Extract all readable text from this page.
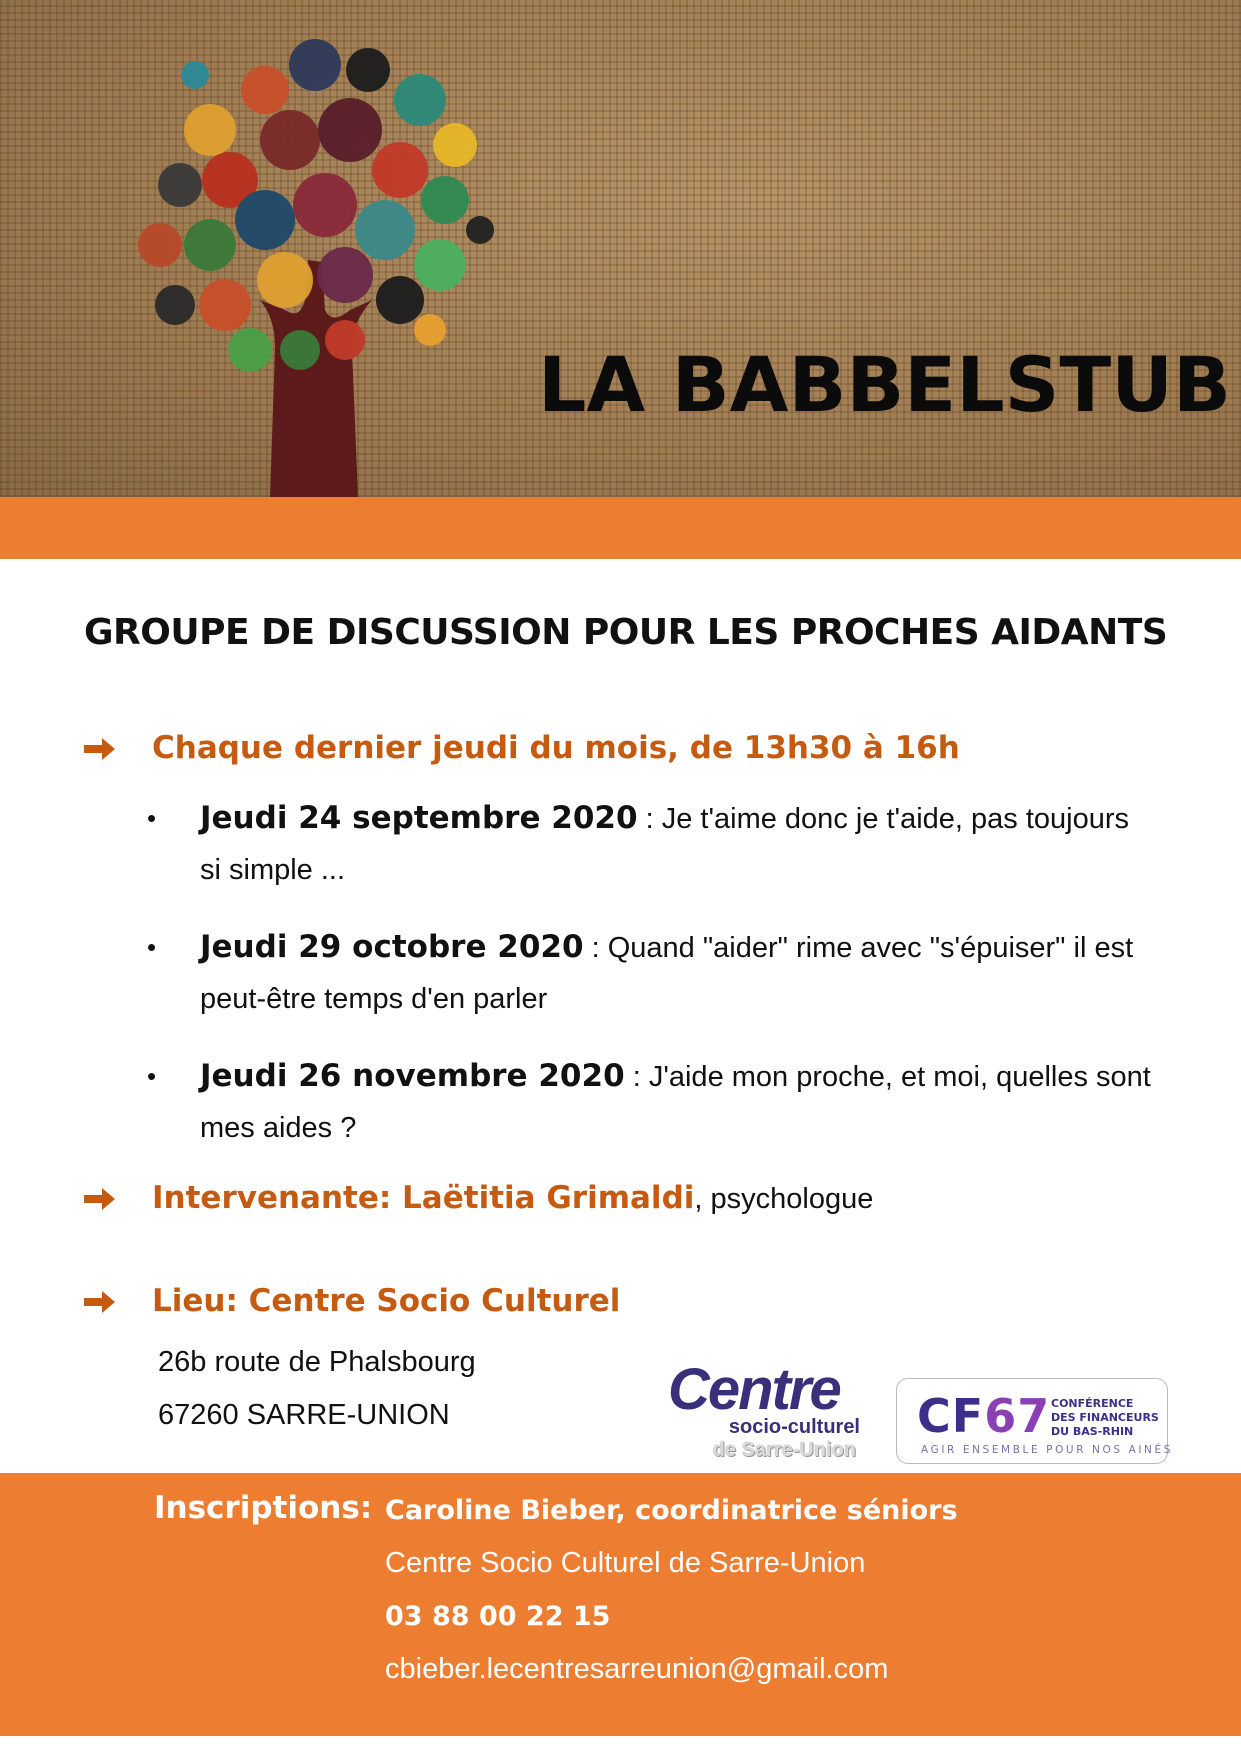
LA BABBELSTUB
GROUPE DE DISCUSSION POUR LES PROCHES AIDANTS
Chaque dernier jeudi du mois, de 13h30 à 16h
• Jeudi 24 septembre 2020 : Je t'aime donc je t'aide, pas toujours si simple ...
• Jeudi 29 octobre 2020 : Quand "aider" rime avec "s'épuiser" il est peut-être temps d'en parler
• Jeudi 26 novembre 2020 : J'aide mon proche, et moi, quelles sont mes aides ?
Intervenante: Laëtitia Grimaldi , psychologue
Lieu: Centre Socio Culturel
26b route de Phalsbourg
67260 SARRE-UNION	Centre
socio-culturel
de Sarre-Union
CF67 CONFÉRENCE
DES FINANCEURS
DU BAS-RHIN
AGIR ENSEMBLE POUR NOS AINÉS
Inscriptions: Caroline Bieber, coordinatrice séniors
Centre Socio Culturel de Sarre-Union
03 88 00 22 15
cbieber.lecentresarreunion@gmail.com
